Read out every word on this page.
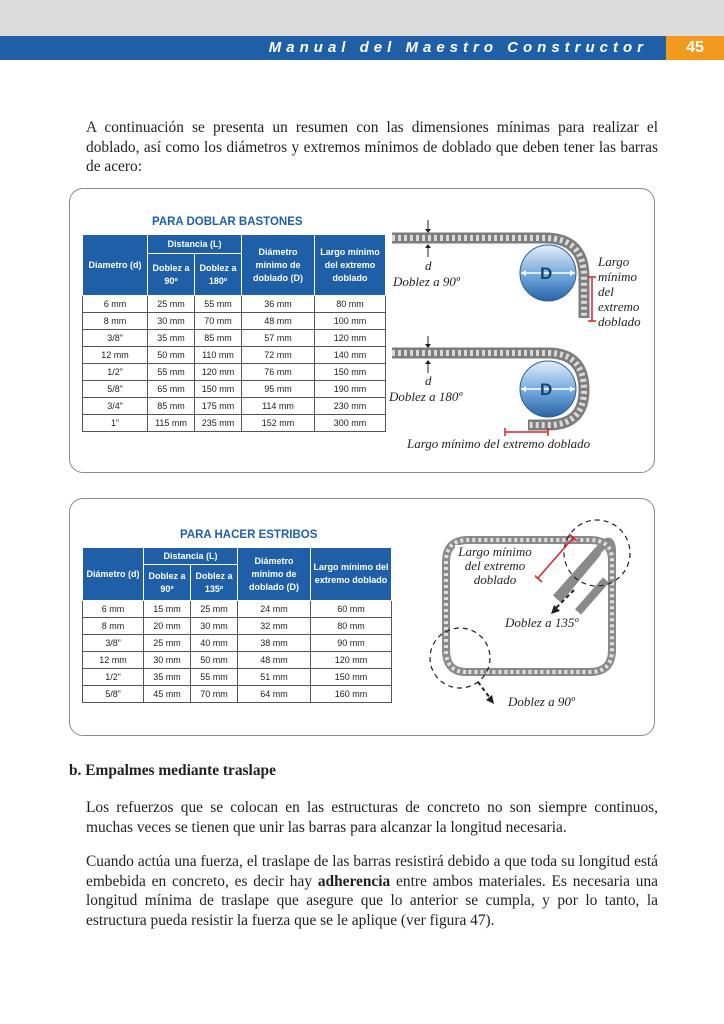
Manual del Maestro Constructor	45

A continuación se presenta un resumen con las dimensiones mínimas para realizar el doblado, así como los diámetros y extremos mínimos de doblado que deben tener las barras de acero:

PARA DOBLAR BASTONES
Diametro (d)	Distancia (L)		Diámetro mínimo de doblado (D)	Largo mínimo del extremo doblado
	Doblez a 90º	Doblez a 180º		
6 mm	25 mm	55 mm	36 mm	80 mm
8 mm	30 mm	70 mm	48 mm	100 mm
3/8”	35 mm	85 mm	57 mm	120 mm
12 mm	50 mm	110 mm	72 mm	140 mm
1/2”	55 mm	120 mm	76 mm	150 mm
5/8”	65 mm	150 mm	95 mm	190 mm
3/4”	85 mm	175 mm	114 mm	230 mm
1”	115 mm	235 mm	152 mm	300 mm
d
Doblez a 90º	D
Largo mínimo del extremo doblado
d
Doblez a 180º	D
Largo mínimo del extremo doblado
PARA HACER ESTRIBOS
Diámetro (d)	Distancia (L)		Diámetro mínimo de doblado (D)	Largo mínimo del extremo doblado
	Doblez a 90º	Doblez a 135º		
6 mm	15 mm	25 mm	24 mm	60 mm
8 mm	20 mm	30 mm	32 mm	80 mm
3/8”	25 mm	40 mm	38 mm	90 mm
12 mm	30 mm	50 mm	48 mm	120 mm
1/2”	35 mm	55 mm	51 mm	150 mm
5/8”	45 mm	70 mm	64 mm	160 mm
Largo mínimo del extremo doblado
Doblez a 135º
Doblez a 90º
b. Empalmes mediante traslape

Los refuerzos que se colocan en las estructuras de concreto no son siempre continuos, muchas veces se tienen que unir las barras para alcanzar la longitud necesaria.

Cuando actúa una fuerza, el traslape de las barras resistirá debido a que toda su longitud está embebida en concreto, es decir hay adherencia entre ambos materiales. Es necesaria una longitud mínima de traslape que asegure que lo anterior se cumpla, y por lo tanto, la estructura pueda resistir la fuerza que se le aplique (ver figura 47).
